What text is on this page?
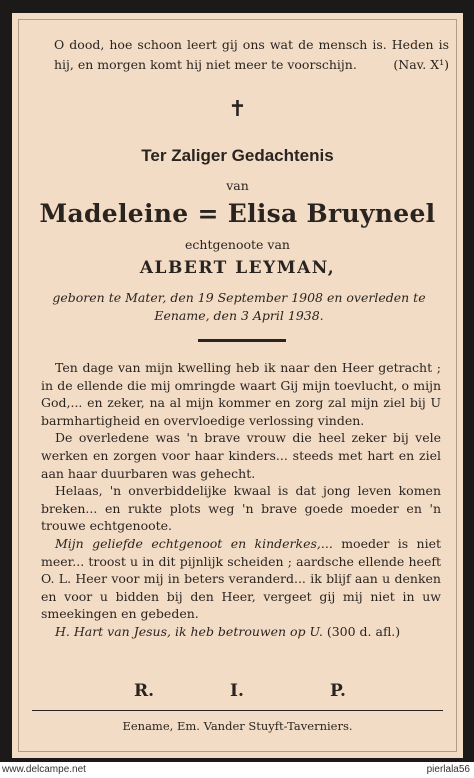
O dood, hoe schoon leert gij ons wat de mensch is. Heden is hij, en morgen komt hij niet meer te voorschijn.	(Nav. X¹)
✝
Ter Zaliger Gedachtenis
van
Madeleine = Elisa Bruyneel
echtgenoote van
ALBERT LEYMAN,
geboren te Mater, den 19 September 1908 en overleden te Eename, den 3 April 1938.

Ten dage van mijn kwelling heb ik naar den Heer getracht ; in de ellende die mij omringde waart Gij mijn toevlucht, o mijn God,... en zeker, na al mijn kommer en zorg zal mijn ziel bij U barmhartigheid en overvloedige verlossing vinden.

De overledene was 'n brave vrouw die heel zeker bij vele werken en zorgen voor haar kinders... steeds met hart en ziel aan haar duurbaren was gehecht.

Helaas, 'n onverbiddelijke kwaal is dat jong leven komen breken... en rukte plots weg 'n brave goede moeder en 'n trouwe echtgenoote.

Mijn geliefde echtgenoot en kinderkes,... moeder is niet meer... troost u in dit pijnlijk scheiden ; aardsche ellende heeft O. L. Heer voor mij in beters veranderd... ik blijf aan u denken en voor u bidden bij den Heer, vergeet gij mij niet in uw smeekingen en gebeden.

H. Hart van Jesus, ik heb betrouwen op U. (300 d. afl.)

R.	I.	P.
Eename, Em. Vander Stuyft-Taverniers.
www.delcampe.net	pierlala56
